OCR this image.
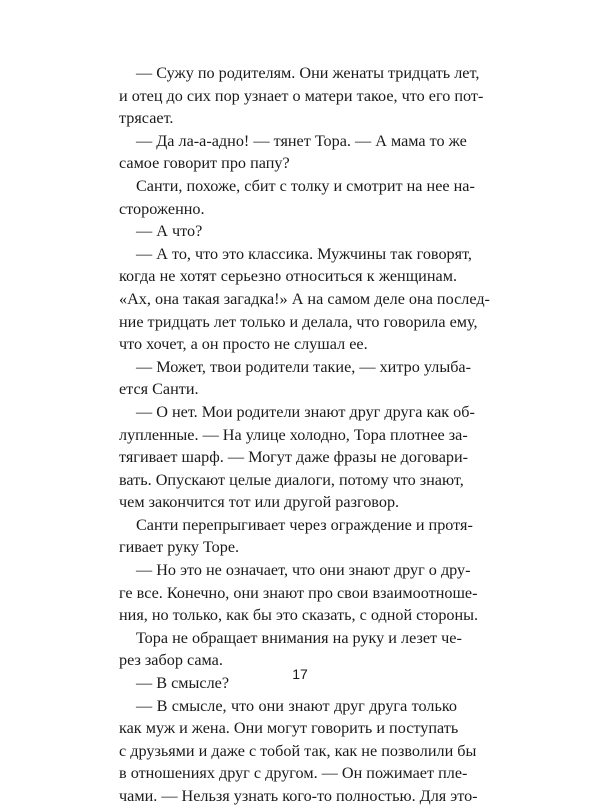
— Сужу по родителям. Они женаты тридцать лет,
и отец до сих пор узнает о матери такое, что его пот-
трясает.
— Да ла-а-адно! — тянет Тора. — А мама то же
самое говорит про папу?
Санти, похоже, сбит с толку и смотрит на нее на-
стороженно.
— А что?
— А то, что это классика. Мужчины так говорят,
когда не хотят серьезно относиться к женщинам.
«Ах, она такая загадка!» А на самом деле она послед-
ние тридцать лет только и делала, что говорила ему,
что хочет, а он просто не слушал ее.
— Может, твои родители такие, — хитро улыба-
ется Санти.
— О нет. Мои родители знают друг друга как об-
лупленные. — На улице холодно, Тора плотнее за-
тягивает шарф. — Могут даже фразы не договари-
вать. Опускают целые диалоги, потому что знают,
чем закончится тот или другой разговор.
Санти перепрыгивает через ограждение и протя-
гивает руку Торе.
— Но это не означает, что они знают друг о дру-
ге все. Конечно, они знают про свои взаимоотноше-
ния, но только, как бы это сказать, с одной стороны.
Тора не обращает внимания на руку и лезет че-
рез забор сама.
— В смысле?
— В смысле, что они знают друг друга только
как муж и жена. Они могут говорить и поступать
с друзьями и даже с тобой так, как не позволили бы
в отношениях друг с другом. — Он пожимает пле-
чами. — Нельзя узнать кого-то полностью. Для это-
17
